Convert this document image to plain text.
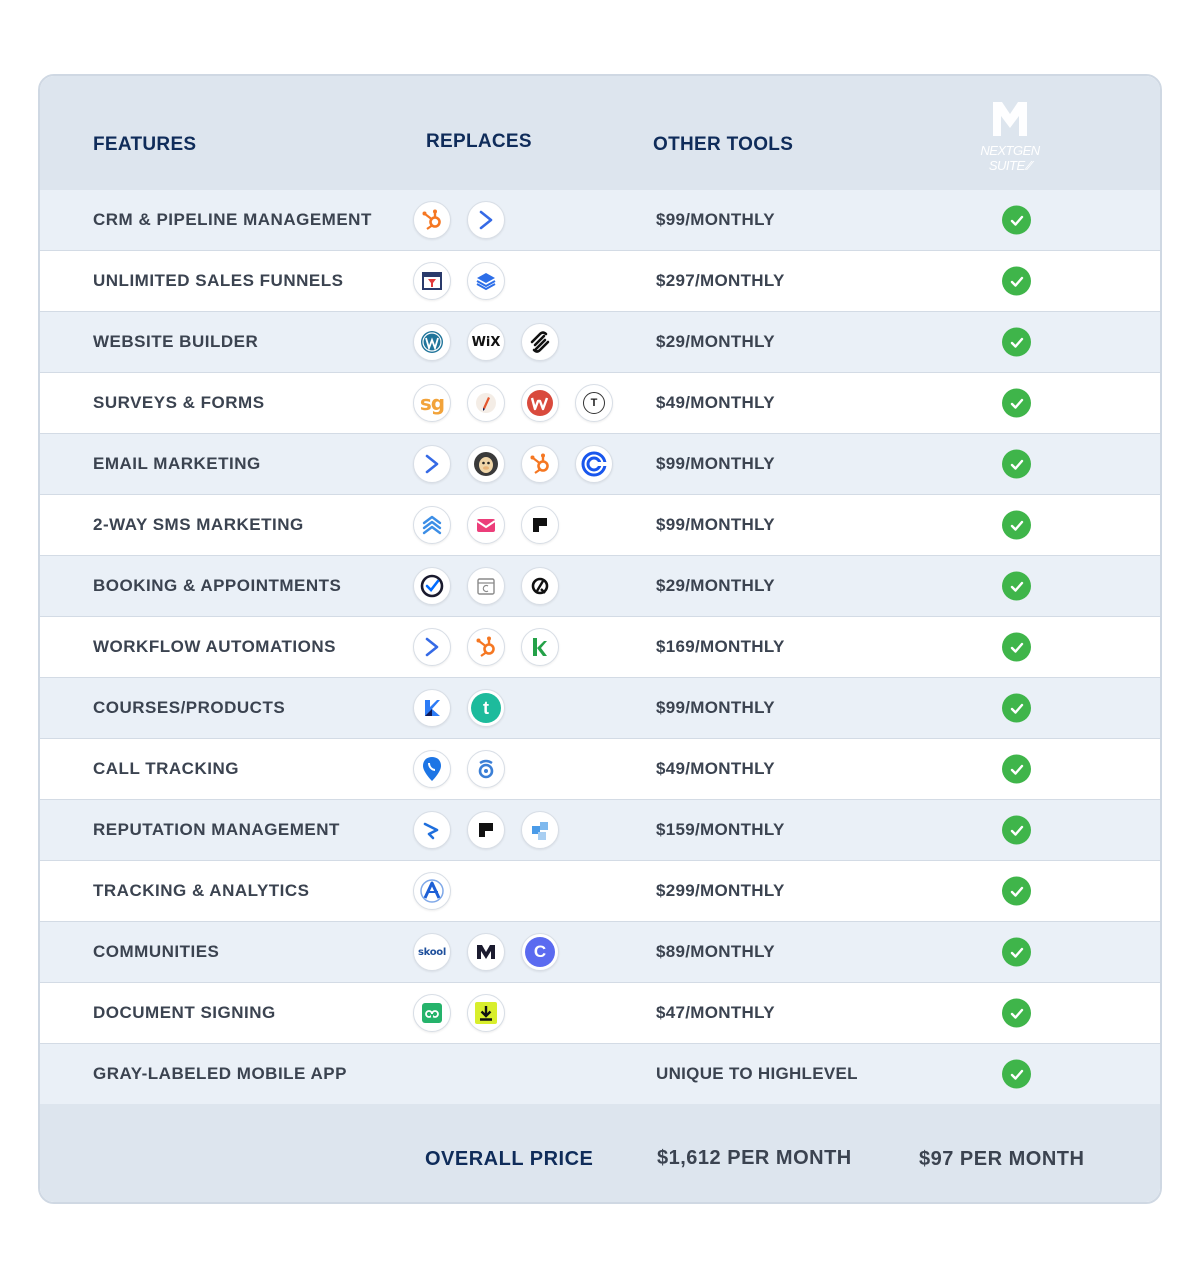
FEATURES	REPLACES	OTHER TOOLS	NEXTGEN
SUITE ⁄⁄
CRM & PIPELINE MANAGEMENT	$99/MONTHLY
UNLIMITED SALES FUNNELS	$297/MONTHLY
WEBSITE BUILDER	WiX	$29/MONTHLY
SURVEYS & FORMS	sg	T	$49/MONTHLY
EMAIL MARKETING	$99/MONTHLY
2-WAY SMS MARKETING	$99/MONTHLY
BOOKING & APPOINTMENTS	$29/MONTHLY
WORKFLOW AUTOMATIONS	$169/MONTHLY
COURSES/PRODUCTS	t	$99/MONTHLY
CALL TRACKING	$49/MONTHLY
REPUTATION MANAGEMENT	$159/MONTHLY
TRACKING & ANALYTICS	$299/MONTHLY
COMMUNITIES	skool	C	$89/MONTHLY
DOCUMENT SIGNING	$47/MONTHLY
GRAY-LABELED MOBILE APP	UNIQUE TO HIGHLEVEL
OVERALL PRICE	$1,612 PER MONTH	$97 PER MONTH
